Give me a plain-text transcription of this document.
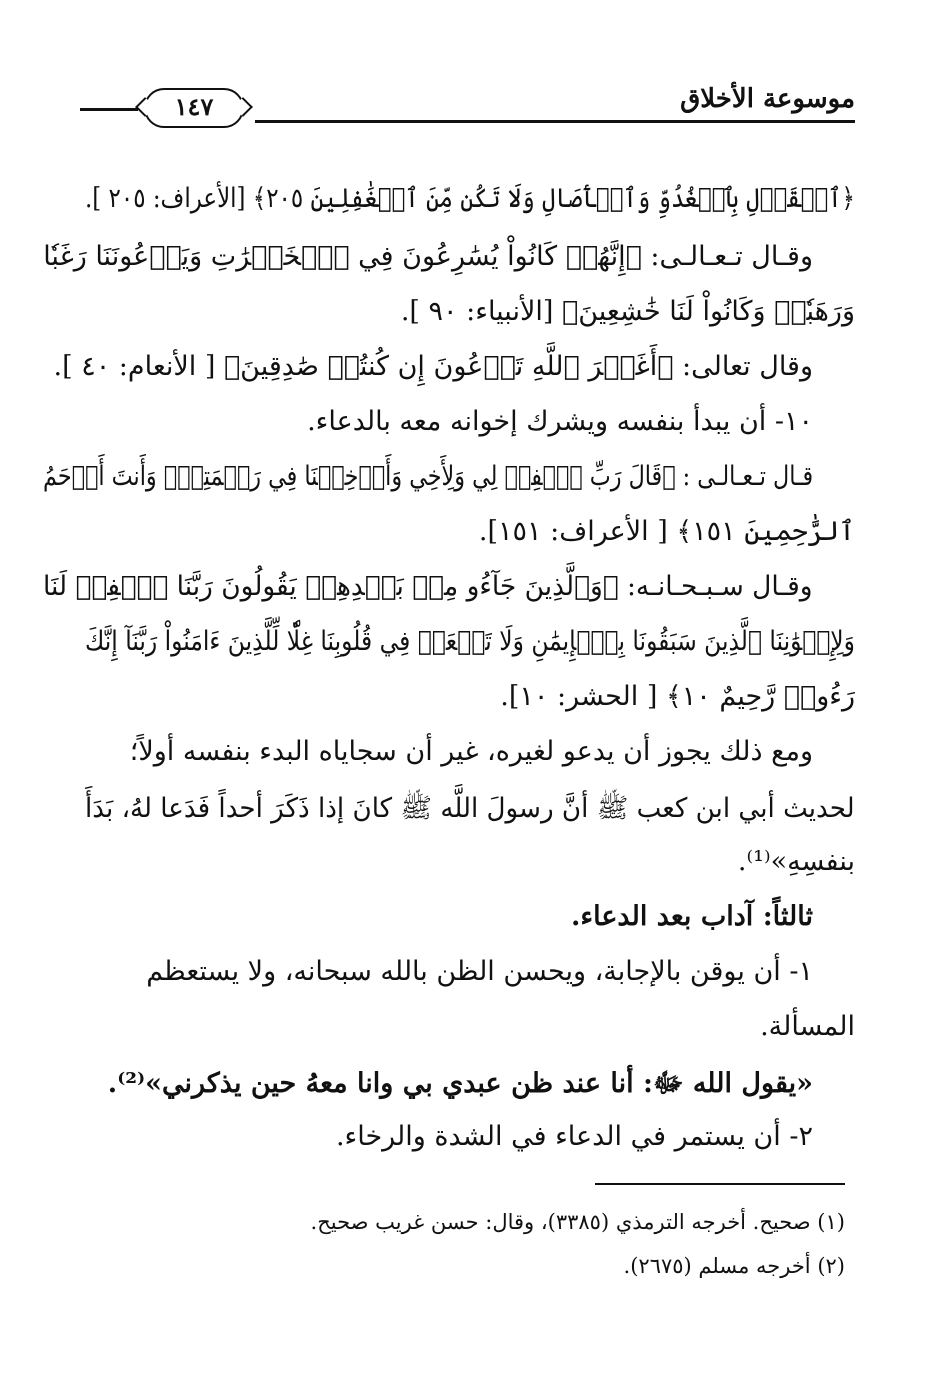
موسوعة الأخلاق
١٤٧
﴿ٱلۡقَوۡلِ بِٱلۡغُدُوِّ وَٱلۡأٓصَالِ وَلَا تَكُن مِّنَ ٱلۡغَٰفِلِينَ ٢٠٥﴾ [الأعراف: ٢٠٥ ].
وقـال تـعـالـى: ﴿إِنَّهُمۡ كَانُواْ يُسَٰرِعُونَ فِي ٱلۡخَيۡرَٰتِ وَيَدۡعُونَنَا رَغَبٗا
وَرَهَبٗاۖ وَكَانُواْ لَنَا خَٰشِعِينَ﴾ [الأنبياء: ٩٠ ].
وقال تعالى: ﴿أَغَيۡرَ ٱللَّهِ تَدۡعُونَ إِن كُنتُمۡ صَٰدِقِينَ﴾ [ الأنعام: ٤٠ ].
١٠- أن يبدأ بنفسه ويشرك إخوانه معه بالدعاء.
قـال تـعـالـى : ﴿قَالَ رَبِّ ٱغۡفِرۡ لِي وَلِأَخِي وَأَدۡخِلۡنَا فِي رَحۡمَتِكَۖ وَأَنتَ أَرۡحَمُ
ٱلرَّٰحِمِينَ ١٥١﴾ [ الأعراف: ١٥١].
وقـال سـبـحـانـه: ﴿وَٱلَّذِينَ جَآءُو مِنۢ بَعۡدِهِمۡ يَقُولُونَ رَبَّنَا ٱغۡفِرۡ لَنَا
وَلِإِخۡوَٰنِنَا ٱلَّذِينَ سَبَقُونَا بِٱلۡإِيمَٰنِ وَلَا تَجۡعَلۡ فِي قُلُوبِنَا غِلّٗا لِّلَّذِينَ ءَامَنُواْ رَبَّنَآ إِنَّكَ
رَءُوفٞ رَّحِيمٌ ١٠﴾ [ الحشر: ١٠].
ومع ذلك يجوز أن يدعو لغيره، غير أن سجاياه البدء بنفسه أولاً؛
لحديث أبي ابن كعب ﷺ أنَّ رسولَ اللَّه ﷺ كانَ إذا ذَكَرَ أحداً فَدَعا لهُ، بَدَأَ
بنفسِهِ»⁽¹⁾.
ثالثاً: آداب بعد الدعاء.
١- أن يوقن بالإجابة، ويحسن الظن بالله سبحانه، ولا يستعظم
المسألة.
«يقول الله ﷻ: أنا عند ظن عبدي بي وانا معهُ حين يذكرني»⁽²⁾.
٢- أن يستمر في الدعاء في الشدة والرخاء.
(١) صحيح. أخرجه الترمذي (٣٣٨٥)، وقال: حسن غريب صحيح.
(٢) أخرجه مسلم (٢٦٧٥).
